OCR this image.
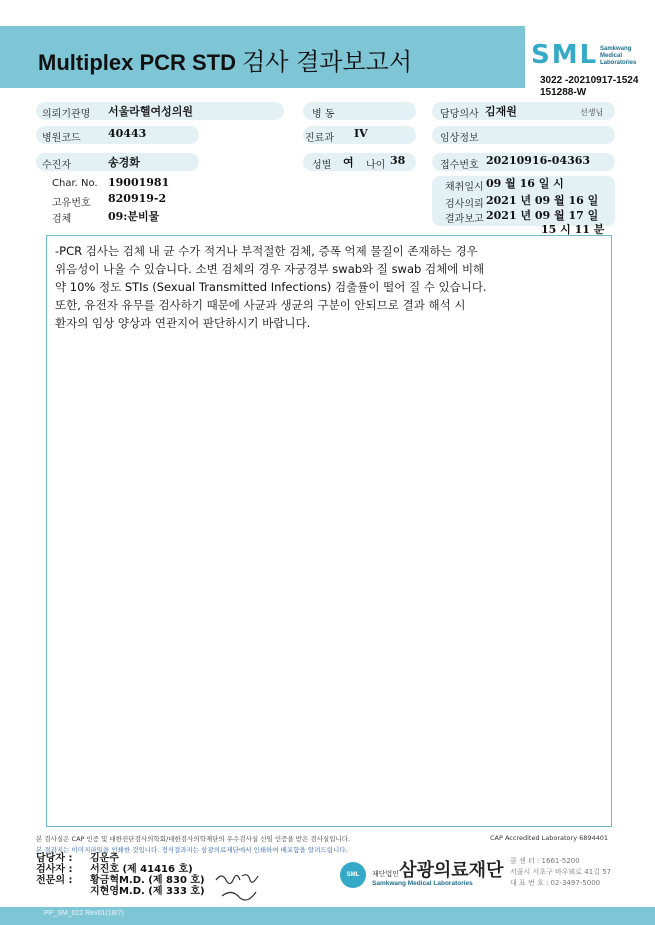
Multiplex PCR STD 검사 결과보고서	SML Samkwang
Medical
Laboratories
3022 -20210917-1524
151288-W
의뢰기관명 서울라헬여성의원
병원코드 40443
수진자	송경화
Char. No. 19001981
고유번호 820919-2
검체	09:분비물
병 동
진료과 IV
성별 여 나이 38
담당의사 김재원	선생님
임상정보
접수번호 20210916-04363
채취일시 09 월 16 일 시
검사의뢰 2021 년 09 월 16 일
결과보고 2021 년 09 월 17 일
15 시 11 분
-PCR 검사는 검체 내 균 수가 적거나 부적절한 검체, 증폭 억제 물질이 존재하는 경우
위음성이 나올 수 있습니다. 소변 검체의 경우 자궁경부 swab와 질 swab 검체에 비해
약 10% 정도 STIs (Sexual Transmitted Infections) 검출률이 떨어 질 수 있습니다.
또한, 유전자 유무를 검사하기 때문에 사균과 생균의 구분이 안되므로 결과 해석 시
환자의 임상 양상과 연관지어 판단하시기 바랍니다.
본 검사실은 CAP 인증 및 대한진단검사의학회/대한검사의학재단의 우수검사실 신임 인증을 받은 검사실입니다.	CAP Accredited Laboratory 6894401
본 결과지는 이미지파일을 인쇄한 것입니다. 정식결과지는 삼광의료재단에서 인쇄하여 배포함을 알려드립니다.
담당자 :	김운주
검사자 :	서진호 (제 41416 호)
전문의 :	황금혁M.D. (제 830 호)
지현영M.D. (제 333 호)
SML	재단법인삼광의료재단
Samkwang Medical Laboratories
콜 센 터 : 1661-5200
서울시 서초구 바우뫼로 41길 57
대 표 번 호 : 02-3497-5000
PP_SM_022 Rev01(18/7)
